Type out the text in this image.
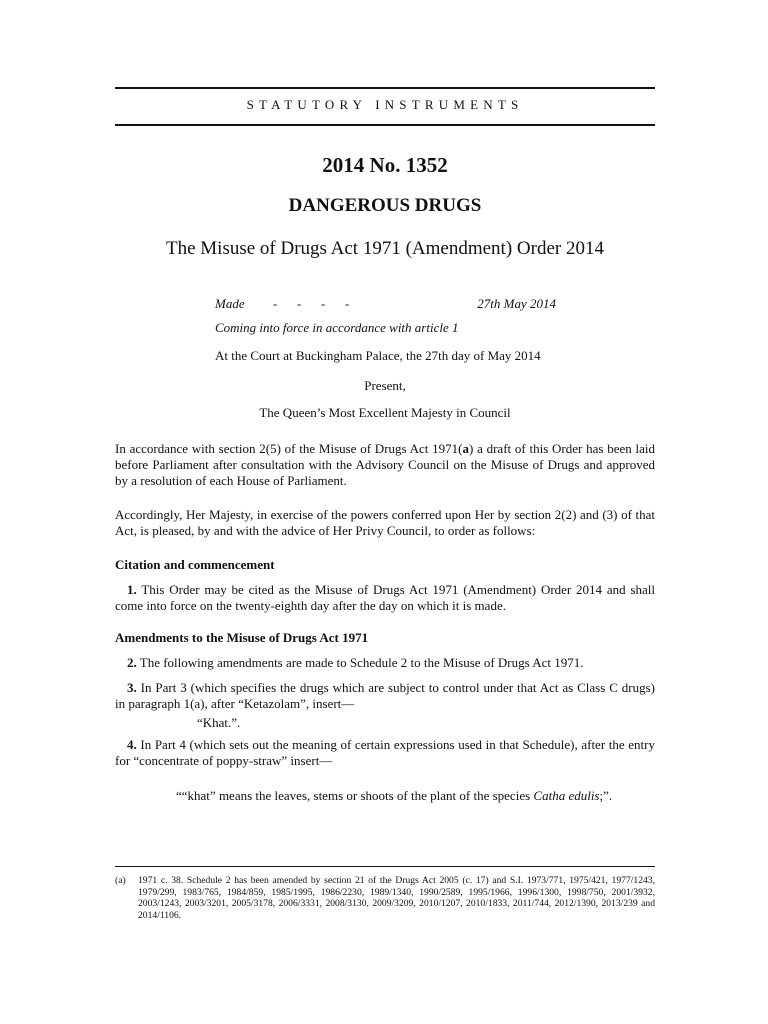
STATUTORY INSTRUMENTS
2014 No. 1352
DANGEROUS DRUGS
The Misuse of Drugs Act 1971 (Amendment) Order 2014
Made - - - -	27th May 2014
Coming into force in accordance with article 1
At the Court at Buckingham Palace, the 27th day of May 2014
Present,
The Queen’s Most Excellent Majesty in Council
In accordance with section 2(5) of the Misuse of Drugs Act 1971(a) a draft of this Order has been laid before Parliament after consultation with the Advisory Council on the Misuse of Drugs and approved by a resolution of each House of Parliament.
Accordingly, Her Majesty, in exercise of the powers conferred upon Her by section 2(2) and (3) of that Act, is pleased, by and with the advice of Her Privy Council, to order as follows:
Citation and commencement
1. This Order may be cited as the Misuse of Drugs Act 1971 (Amendment) Order 2014 and shall come into force on the twenty-eighth day after the day on which it is made.
Amendments to the Misuse of Drugs Act 1971
2. The following amendments are made to Schedule 2 to the Misuse of Drugs Act 1971.
3. In Part 3 (which specifies the drugs which are subject to control under that Act as Class C drugs) in paragraph 1(a), after “Ketazolam”, insert—
“Khat.”.
4. In Part 4 (which sets out the meaning of certain expressions used in that Schedule), after the entry for “concentrate of poppy-straw” insert—
““khat” means the leaves, stems or shoots of the plant of the species Catha edulis;”.
(a) 1971 c. 38. Schedule 2 has been amended by section 21 of the Drugs Act 2005 (c. 17) and S.I. 1973/771, 1975/421, 1977/1243, 1979/299, 1983/765, 1984/859, 1985/1995, 1986/2230, 1989/1340, 1990/2589, 1995/1966, 1996/1300, 1998/750, 2001/3932, 2003/1243, 2003/3201, 2005/3178, 2006/3331, 2008/3130, 2009/3209, 2010/1207, 2010/1833, 2011/744, 2012/1390, 2013/239 and 2014/1106.
